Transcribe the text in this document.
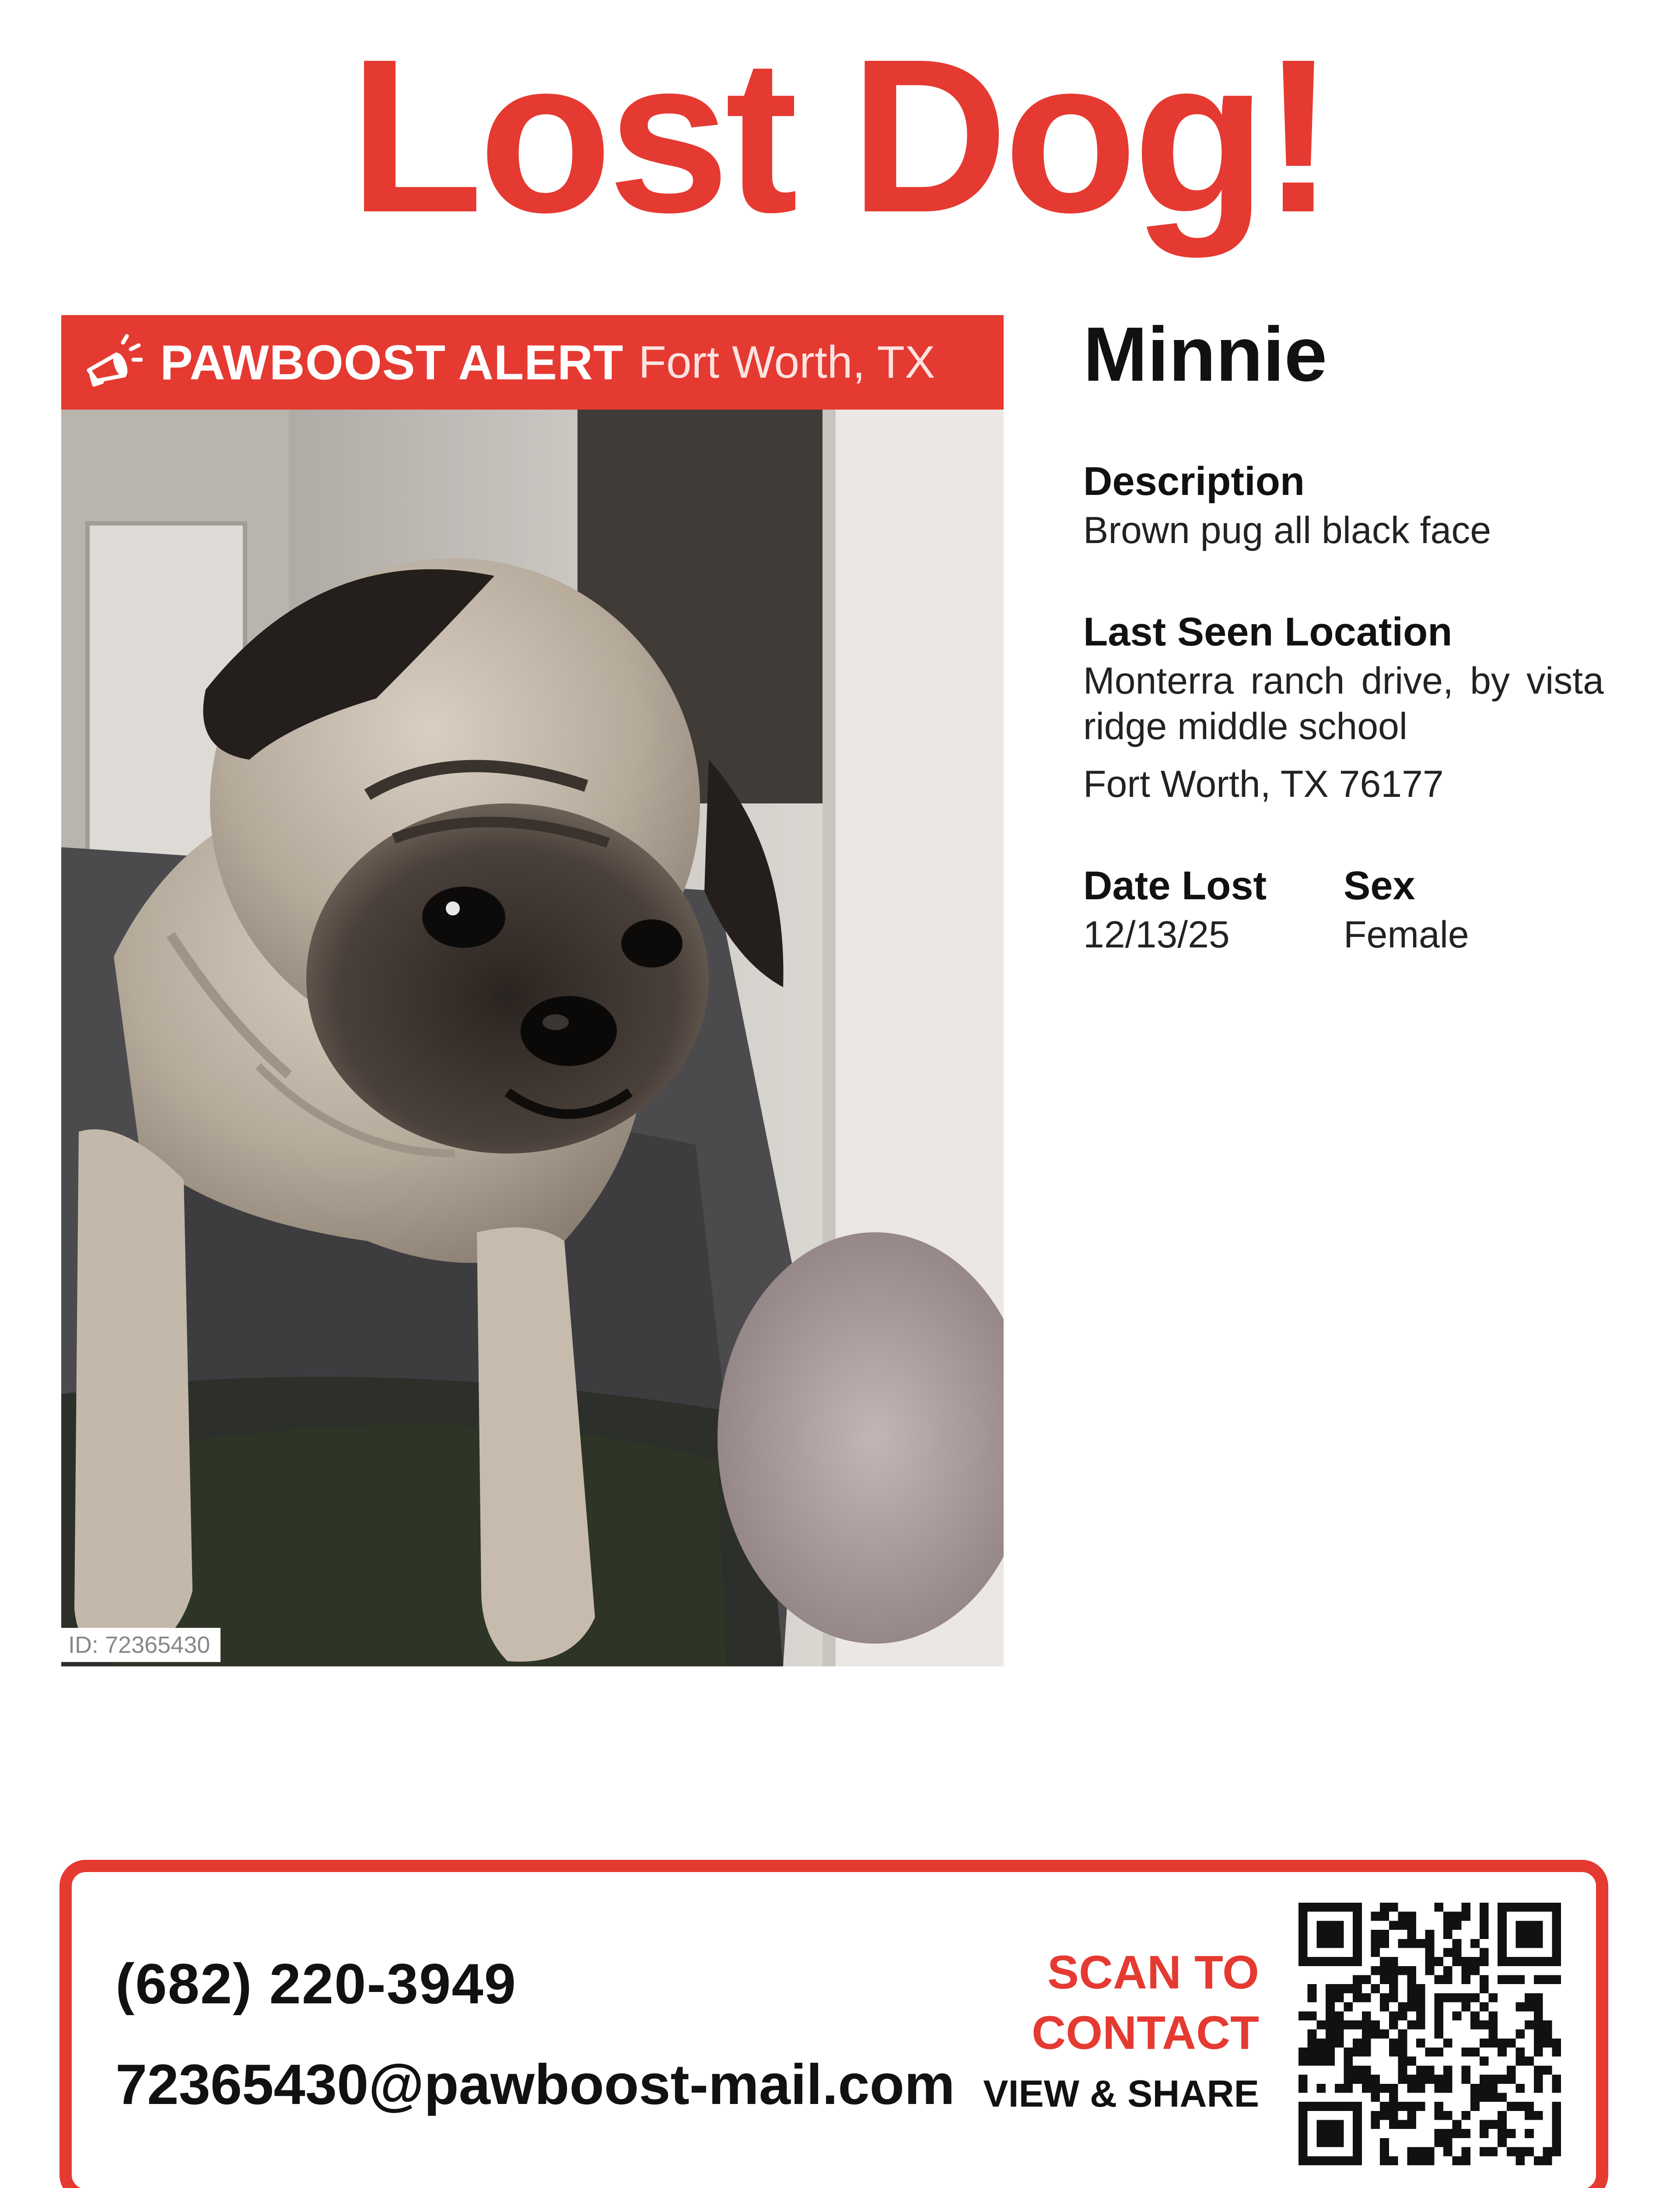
Lost Dog!
PAWBOOST ALERT Fort Worth, TX
ID: 72365430
Minnie
Description
Brown pug all black face
Last Seen Location
Monterra ranch drive, by vista ridge middle school
Fort Worth, TX 76177
Date Lost
12/13/25
Sex
Female
(682) 220-3949
72365430@pawboost-mail.com
SCAN TO
CONTACT
VIEW & SHARE
